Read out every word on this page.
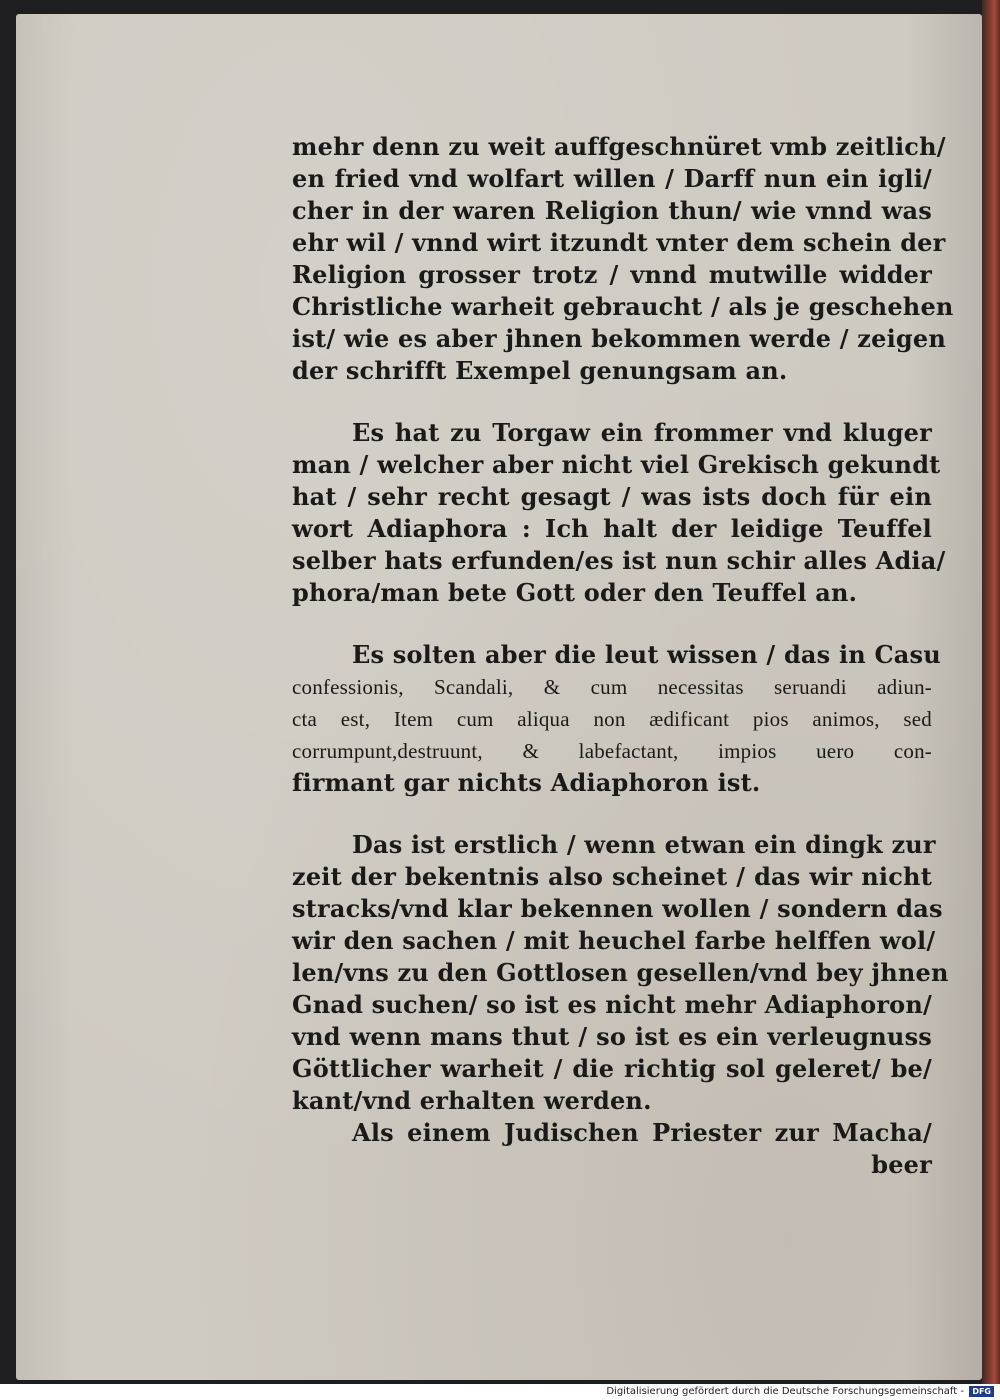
mehr denn zu weit auffgeschnüret vmb zeitlich/
en fried vnd wolfart willen / Darff nun ein igli/
cher in der waren Religion thun/ wie vnnd was
ehr wil / vnnd wirt itzundt vnter dem schein der
Religion grosser trotz / vnnd mutwille widder
Christliche warheit gebraucht / als je geschehen
ist/ wie es aber jhnen bekommen werde / zeigen
der schrifft Exempel genungsam an.
Es hat zu Torgaw ein frommer vnd kluger
man / welcher aber nicht viel Grekisch gekundt
hat / sehr recht gesagt / was ists doch für ein
wort Adiaphora : Ich halt der leidige Teuffel
selber hats erfunden/es ist nun schir alles Adia/
phora/man bete Gott oder den Teuffel an.
Es solten aber die leut wissen / das in Casu
confessionis, Scandali, & cum necessitas seruandi adiun-
cta est, Item cum aliqua non ædificant pios animos, sed
corrumpunt,destruunt, & labefactant, impios uero con-
firmant gar nichts Adiaphoron ist.
Das ist erstlich / wenn etwan ein dingk zur
zeit der bekentnis also scheinet / das wir nicht
stracks/vnd klar bekennen wollen / sondern das
wir den sachen / mit heuchel farbe helffen wol/
len/vns zu den Gottlosen gesellen/vnd bey jhnen
Gnad suchen/ so ist es nicht mehr Adiaphoron/
vnd wenn mans thut / so ist es ein verleugnuss
Göttlicher warheit / die richtig sol geleret/ be/
kant/vnd erhalten werden.
Als einem Judischen Priester zur Macha/
beer
Digitalisierung gefördert durch die Deutsche Forschungsgemeinschaft -	DFG
